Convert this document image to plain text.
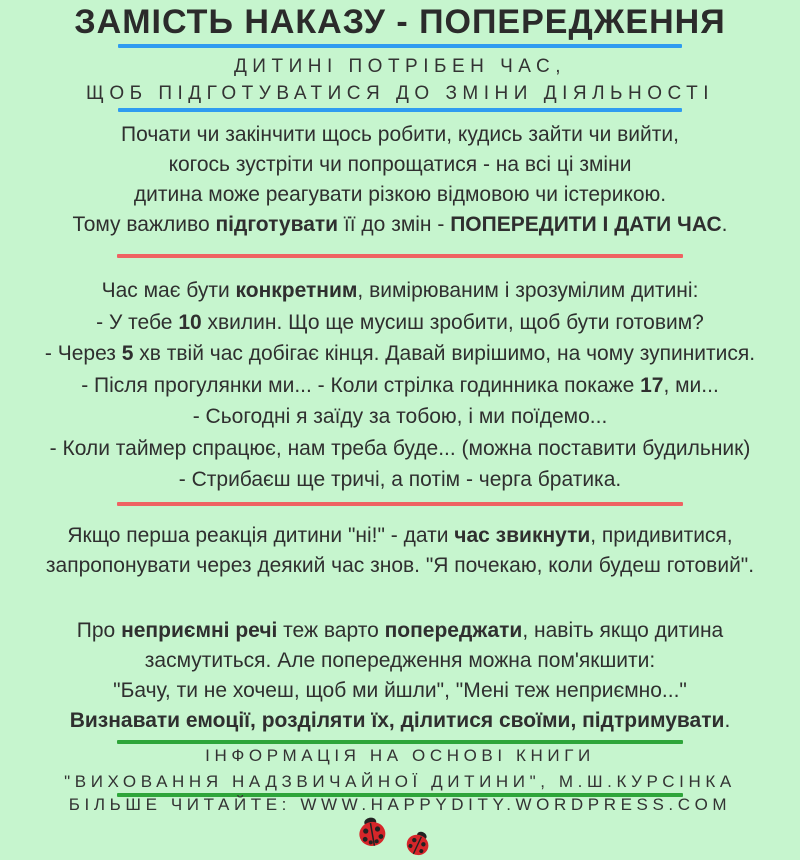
ЗАМІСТЬ НАКАЗУ - ПОПЕРЕДЖЕННЯ
ДИТИНІ ПОТРІБЕН ЧАС,
ЩОБ ПІДГОТУВАТИСЯ ДО ЗМІНИ ДІЯЛЬНОСТІ
Почати чи закінчити щось робити, кудись зайти чи вийти,
когось зустріти чи попрощатися - на всі ці зміни
дитина може реагувати різкою відмовою чи істерикою.
Тому важливо підготувати її до змін - ПОПЕРЕДИТИ І ДАТИ ЧАС.
Час має бути конкретним, вимірюваним і зрозумілим дитині:
- У тебе 10 хвилин. Що ще мусиш зробити, щоб бути готовим?
- Через 5 хв твій час добігає кінця. Давай вирішимо, на чому зупинитися.
- Після прогулянки ми... - Коли стрілка годинника покаже 17, ми...
- Сьогодні я заїду за тобою, і ми поїдемо...
- Коли таймер спрацює, нам треба буде... (можна поставити будильник)
- Стрибаєш ще тричі, а потім - черга братика.
Якщо перша реакція дитини "ні!" - дати час звикнути, придивитися,
запропонувати через деякий час знов. "Я почекаю, коли будеш готовий".
Про неприємні речі теж варто попереджати, навіть якщо дитина
засмутиться. Але попередження можна пом'якшити:
"Бачу, ти не хочеш, щоб ми йшли", "Мені теж неприємно..."
Визнавати емоції, розділяти їх, ділитися своїми, підтримувати.
ІНФОРМАЦІЯ НА ОСНОВІ КНИГИ
"ВИХОВАННЯ НАДЗВИЧАЙНОЇ ДИТИНИ", М.Ш.КУРСІНКА
БІЛЬШЕ ЧИТАЙТЕ: WWW.HAPPYDITY.WORDPRESS.COM
